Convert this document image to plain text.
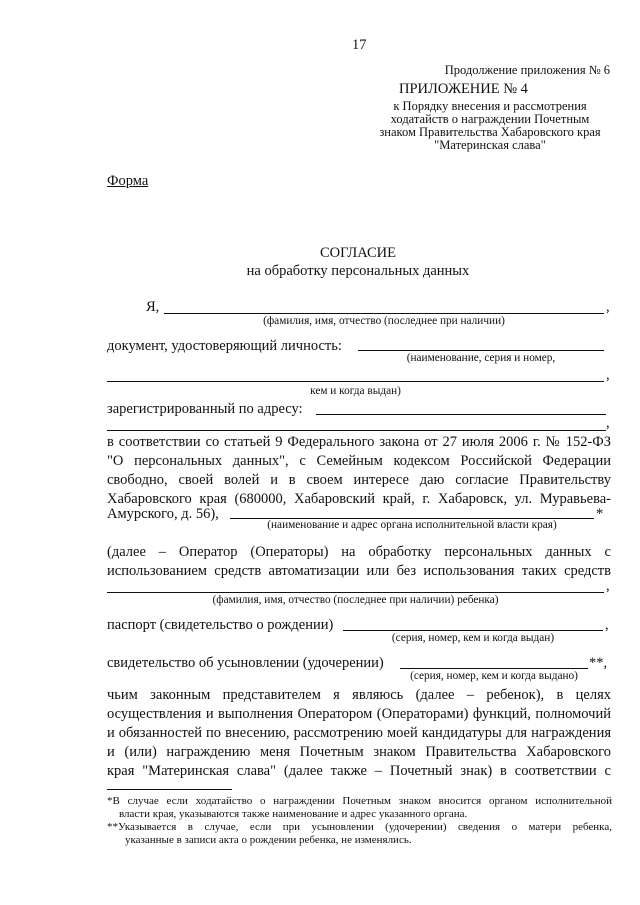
17
Продолжение приложения № 6
ПРИЛОЖЕНИЕ № 4
к Порядку внесения и рассмотрения
ходатайств о награждении Почетным
знаком Правительства Хабаровского края
"Материнская слава"
Форма
СОГЛАСИЕ
на обработку персональных данных
Я,	,
(фамилия, имя, отчество (последнее при наличии)
документ, удостоверяющий личность:
(наименование, серия и номер,
,
кем и когда выдан)
зарегистрированный по адресу:
,
в соответствии со статьей 9 Федерального закона от 27 июля 2006 г. № 152-ФЗ
"О персональных данных", с Семейным кодексом Российской Федерации
свободно, своей волей и в своем интересе даю согласие Правительству
Хабаровского края (680000, Хабаровский край, г. Хабаровск, ул. Муравьева-
Амурского, д. 56),	*
(наименование и адрес органа исполнительной власти края)
(далее – Оператор (Операторы) на обработку персональных данных с
использованием средств автоматизации или без использования таких средств
,
(фамилия, имя, отчество (последнее при наличии) ребенка)
паспорт (свидетельство о рождении)	,
(серия, номер, кем и когда выдан)
свидетельство об усыновлении (удочерении)	**,
(серия, номер, кем и когда выдано)
чьим законным представителем я являюсь (далее – ребенок), в целях
осуществления и выполнения Оператором (Операторами) функций, полномочий
и обязанностей по внесению, рассмотрению моей кандидатуры для награждения
и (или) награждению меня Почетным знаком Правительства Хабаровского
края "Материнская слава" (далее также – Почетный знак) в соответствии с
*В случае если ходатайство о награждении Почетным знаком вносится органом исполнительной
власти края, указываются также наименование и адрес указанного органа.
**Указывается в случае, если при усыновлении (удочерении) сведения о матери ребенка,
указанные в записи акта о рождении ребенка, не изменялись.
